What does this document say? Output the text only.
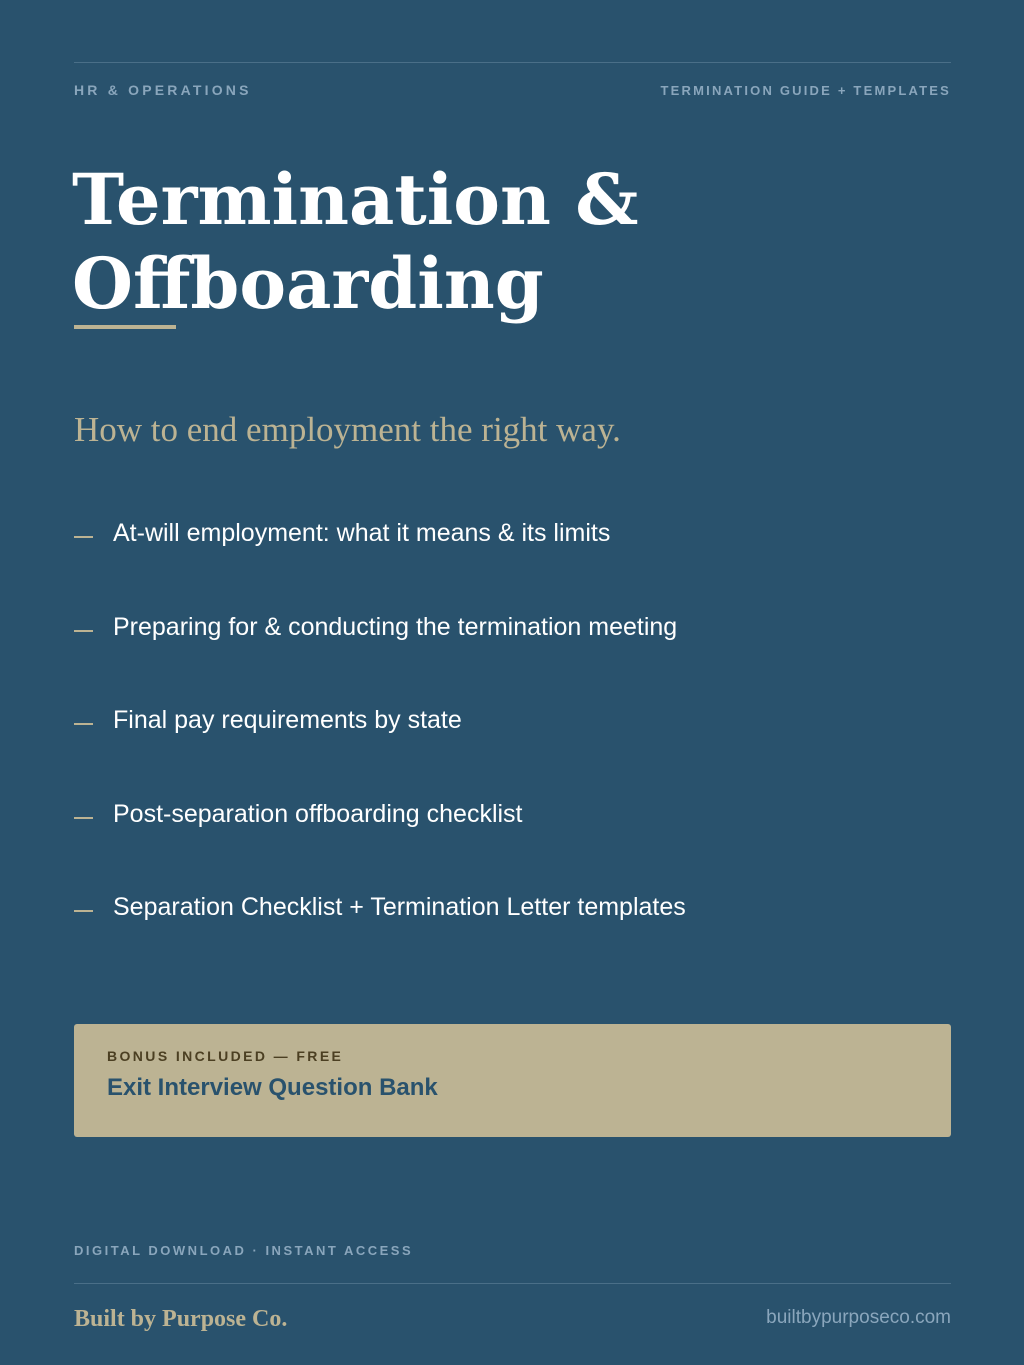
HR & OPERATIONS	TERMINATION GUIDE + TEMPLATES
Termination &
Offboarding
How to end employment the right way.
At-will employment: what it means & its limits
Preparing for & conducting the termination meeting
Final pay requirements by state
Post-separation offboarding checklist
Separation Checklist + Termination Letter templates
BONUS INCLUDED — FREE
Exit Interview Question Bank
DIGITAL DOWNLOAD · INSTANT ACCESS
Built by Purpose Co.	builtbypurposeco.com
